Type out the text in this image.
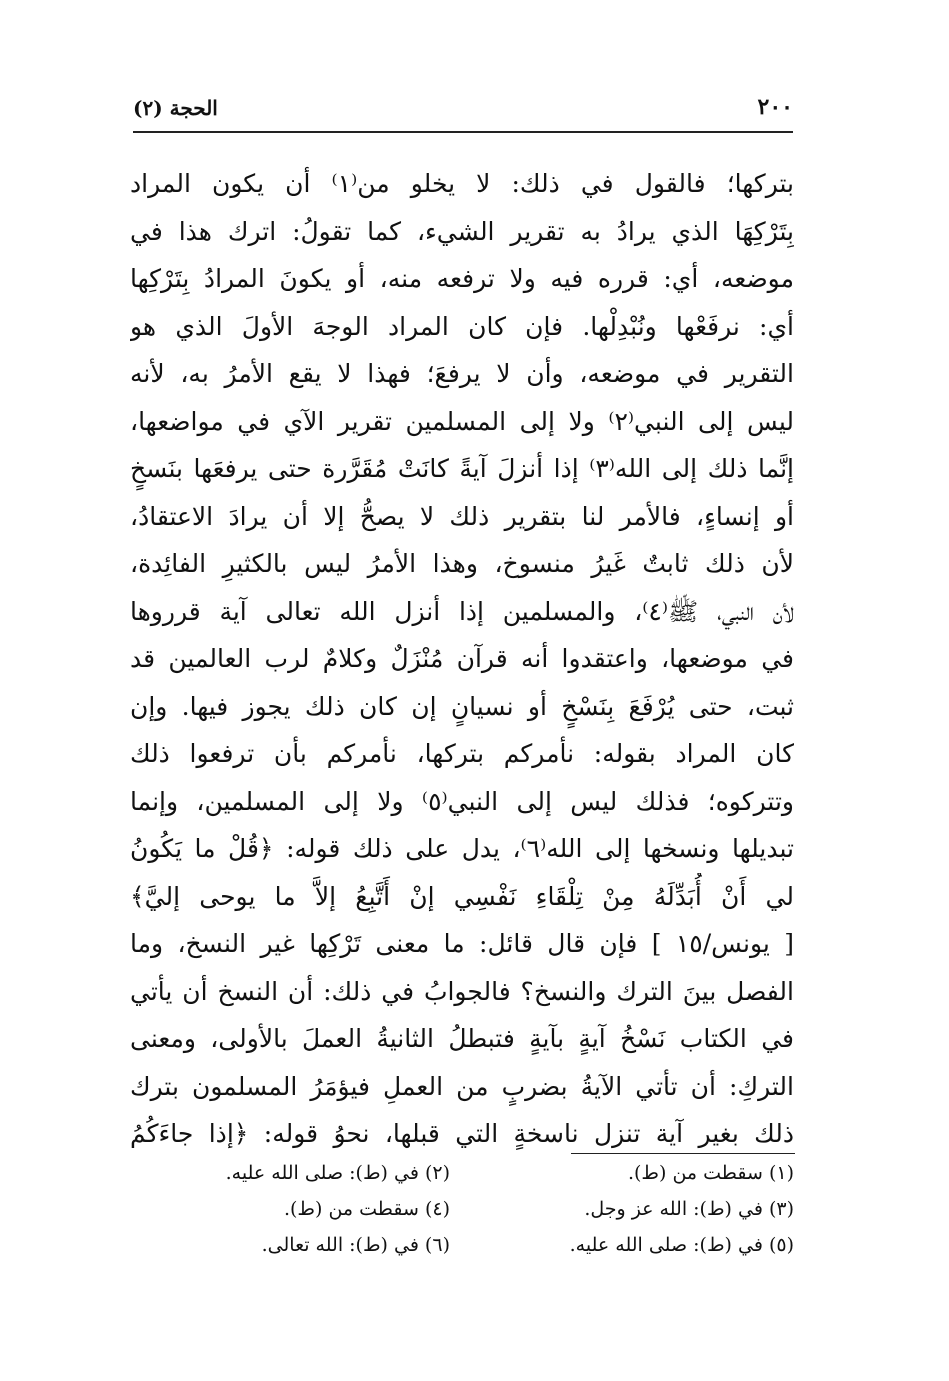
٢٠٠
الحجة (٢)
بتركها؛ فالقول في ذلك: لا يخلو من⁽١⁾ أن يكون المراد
بِتَرْكِهَا الذي يرادُ به تقرير الشيء، كما تقولُ: اترك هذا في
موضعه، أي: قرره فيه ولا ترفعه منه، أو يكونَ المرادُ بِتَرْكِها
أي: نرفَعْها ونُبْدِلْها. فإن كان المراد الوجهَ الأولَ الذي هو
التقرير في موضعه، وأن لا يرفعَ؛ فهذا لا يقع الأمرُ به، لأنه
ليس إلى النبي⁽٢⁾ ولا إلى المسلمين تقرير الآي في مواضعها،
إنَّما ذلك إلى الله⁽٣⁾ إذا أنزلَ آيةً كانَتْ مُقَرَّرة حتى يرفعَها بنَسخٍ
أو إنساءٍ، فالأمر لنا بتقرير ذلك لا يصحُّ إلا أن يرادَ الاعتقادُ،
لأن ذلك ثابتٌ غَيرُ منسوخ، وهذا الأمرُ ليس بالكثيرِ الفائِدة،
لأن النبي، ﷺ⁽٤⁾، والمسلمين إذا أنزل الله تعالى آية قرروها
في موضعها، واعتقدوا أنه قرآن مُنْزَلٌ وكلامٌ لرب العالمين قد
ثبت، حتى يُرْفَعَ بِنَسْخٍ أو نسيانٍ إن كان ذلك يجوز فيها. وإن
كان المراد بقوله: نأمركم بتركها، نأمركم بأن ترفعوا ذلك
وتتركوه؛ فذلك ليس إلى النبي⁽٥⁾ ولا إلى المسلمين، وإنما
تبديلها ونسخها إلى الله⁽٦⁾، يدل على ذلك قوله: ﴿قُلْ ما يَكُونُ
لي أَنْ أُبَدِّلَهُ مِنْ تِلْقَاءِ نَفْسِي إنْ أَتَّبِعُ إلاَّ ما يوحى إليَّ﴾
[ يونس/١٥ ] فإن قال قائل: ما معنى تَرْكِها غير النسخ، وما
الفصل بينَ الترك والنسخ؟ فالجوابُ في ذلك: أن النسخ أن يأتي
في الكتاب نَسْخُ آيةٍ بآيةٍ فتبطلُ الثانيةُ العملَ بالأولى، ومعنى
التركِ: أن تأتي الآيةُ بضربٍ من العملِ فيؤمَرُ المسلمون بترك
ذلك بغير آية تنزل ناسخةٍ التي قبلها، نحوُ قوله: ﴿إذا جاءَكُمُ
(١) سقطت من (ط).
(٢) في (ط): صلى الله عليه.
(٣) في (ط): الله عز وجل.
(٤) سقطت من (ط).
(٥) في (ط): صلى الله عليه.
(٦) في (ط): الله تعالى.
